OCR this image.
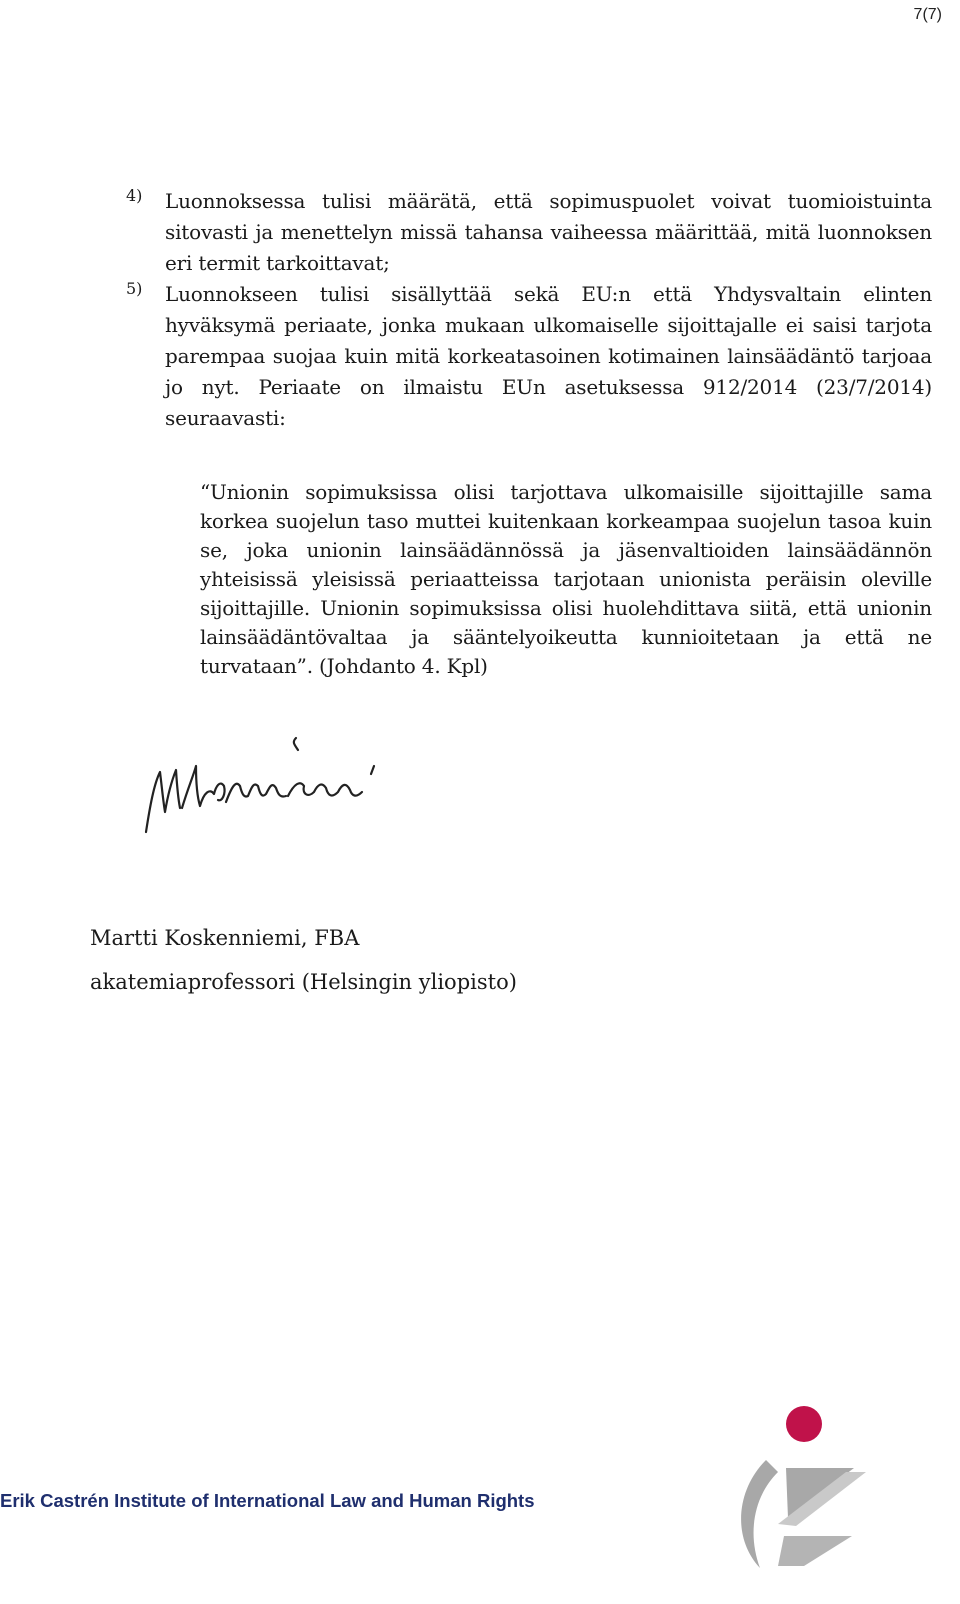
7(7)
4) Luonnoksessa tulisi määrätä, että sopimuspuolet voivat tuomioistuinta sitovasti ja menettelyn missä tahansa vaiheessa määrittää, mitä luonnoksen eri termit tarkoittavat;

5) Luonnokseen tulisi sisällyttää sekä EU:n että Yhdysvaltain elinten hyväksymä periaate, jonka mukaan ulkomaiselle sijoittajalle ei saisi tarjota parempaa suojaa kuin mitä korkeatasoinen kotimainen lainsäädäntö tarjoaa jo nyt. Periaate on ilmaistu EUn asetuksessa 912/2014 (23/7/2014) seuraavasti:

“Unionin sopimuksissa olisi tarjottava ulkomaisille sijoittajille sama korkea suojelun taso muttei kuitenkaan korkeampaa suojelun tasoa kuin se, joka unionin lainsäädännössä ja jäsenvaltioiden lainsäädännön yhteisissä yleisissä periaatteissa tarjotaan unionista peräisin oleville sijoittajille. Unionin sopimuksissa olisi huolehdittava siitä, että unionin lainsäädäntövaltaa ja sääntelyoikeutta kunnioitetaan ja että ne turvataan”. (Johdanto 4. Kpl)

Martti Koskenniemi, FBA
akatemiaprofessori (Helsingin yliopisto)
Erik Castrén Institute of International Law and Human Rights
